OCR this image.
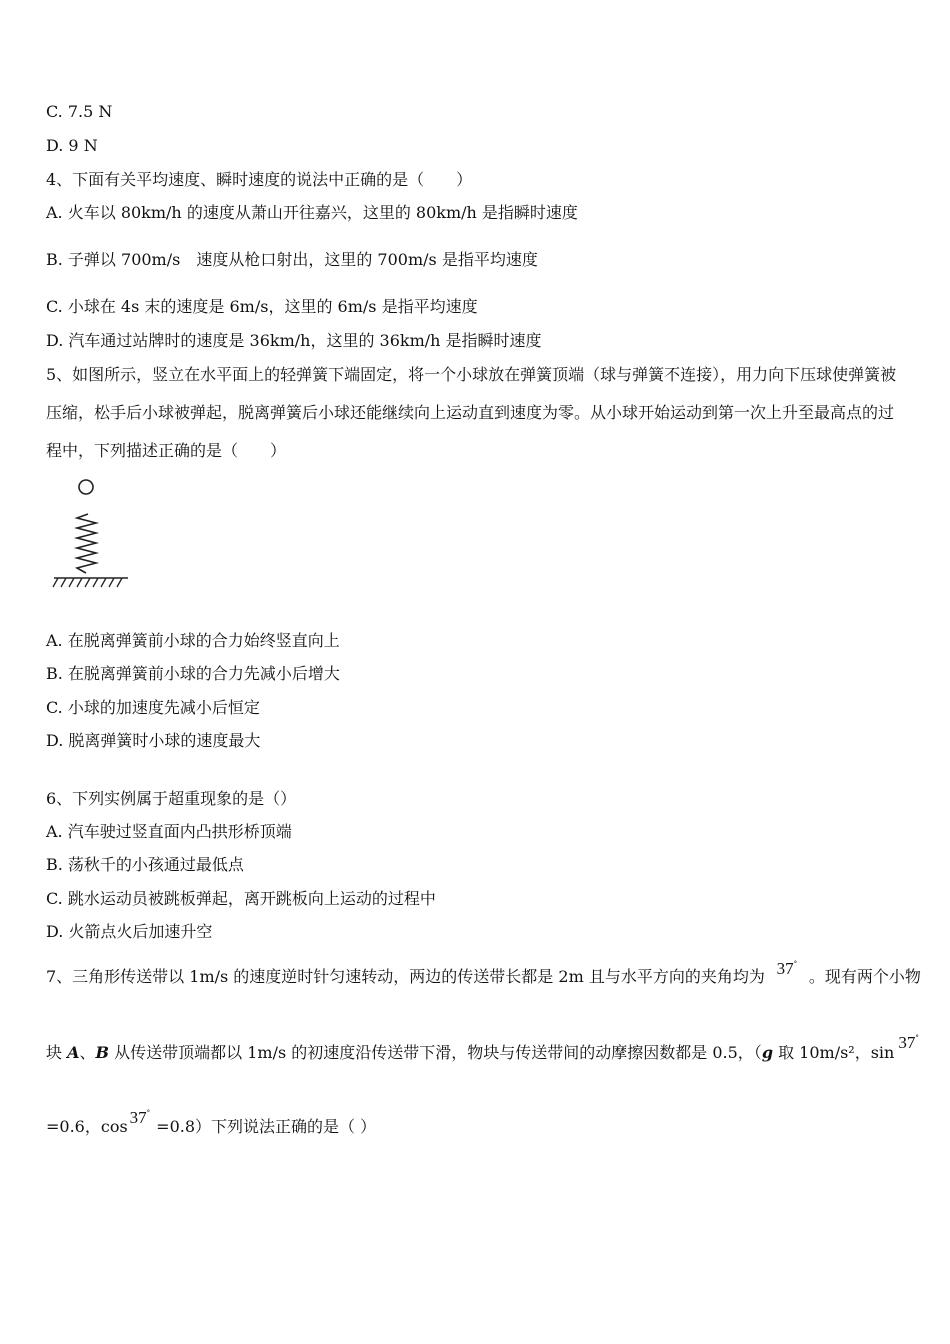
C. 7.5 N
D. 9 N
4、下面有关平均速度、瞬时速度的说法中正确的是（　　）
A. 火车以 80km/h 的速度从萧山开往嘉兴，这里的 80km/h 是指瞬时速度
B. 子弹以 700m/s　速度从枪口射出，这里的 700m/s 是指平均速度
C. 小球在 4s 末的速度是 6m/s，这里的 6m/s 是指平均速度
D. 汽车通过站牌时的速度是 36km/h，这里的 36km/h 是指瞬时速度
5、如图所示，竖立在水平面上的轻弹簧下端固定，将一个小球放在弹簧顶端（球与弹簧不连接），用力向下压球使弹簧被压缩，松手后小球被弹起，脱离弹簧后小球还能继续向上运动直到速度为零。从小球开始运动到第一次上升至最高点的过程中，下列描述正确的是（　　）
A. 在脱离弹簧前小球的合力始终竖直向上
B. 在脱离弹簧前小球的合力先减小后增大
C. 小球的加速度先减小后恒定
D. 脱离弹簧时小球的速度最大
6、下列实例属于超重现象的是（）
A. 汽车驶过竖直面内凸拱形桥顶端
B. 荡秋千的小孩通过最低点
C. 跳水运动员被跳板弹起，离开跳板向上运动的过程中
D. 火箭点火后加速升空
7、三角形传送带以 1m/s 的速度逆时针匀速转动，两边的传送带长都是 2m 且与水平方向的夹角均为 37°。现有两个小物
块 A、B 从传送带顶端都以 1m/s 的初速度沿传送带下滑，物块与传送带间的动摩擦因数都是 0.5，（g 取 10m/s²，sin37°
=0.6，cos 37°=0.8）下列说法正确的是（ ）
